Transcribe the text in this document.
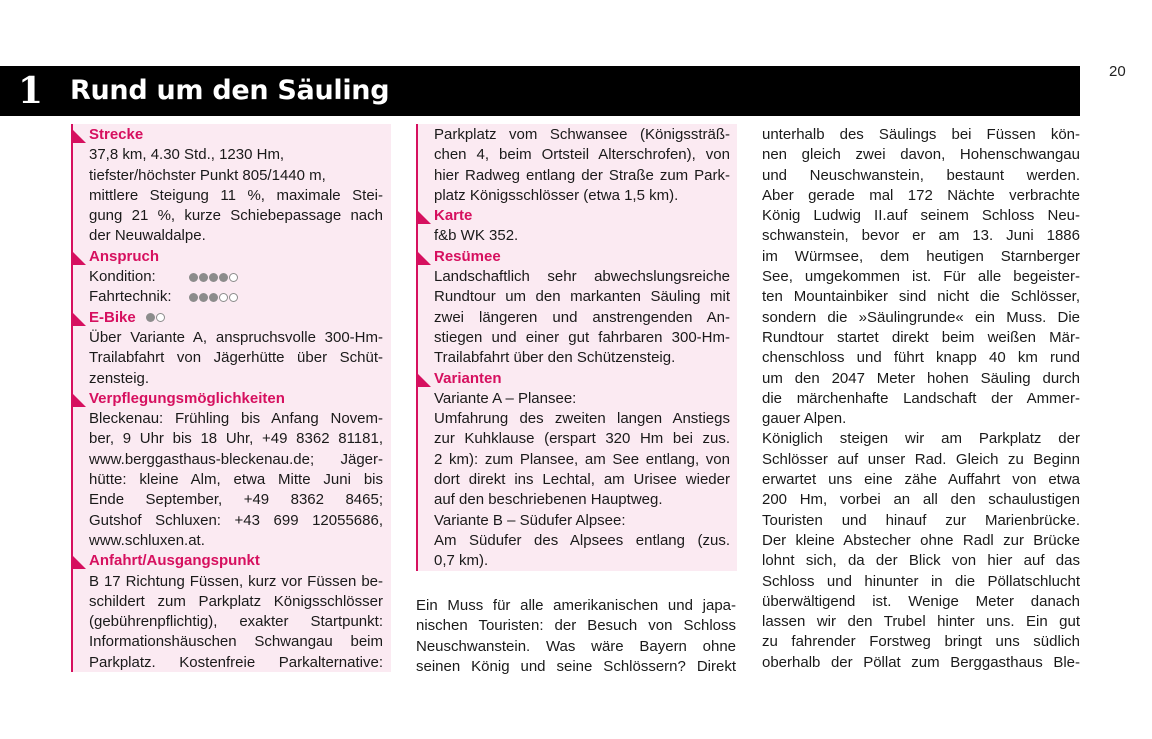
1 Rund um den Säuling
20
Strecke
37,8 km, 4.30 Std., 1230 Hm,
tiefster/höchster Punkt 805/1440 m,
mittlere Steigung 11 %, maximale Stei-
gung 21 %, kurze Schiebepassage nach
der Neuwaldalpe.
Anspruch
Kondition:
Fahrtechnik:
E-Bike
Über Variante A, anspruchsvolle 300-Hm-
Trailabfahrt von Jägerhütte über Schüt-
zensteig.
Verpflegungsmöglichkeiten
Bleckenau: Frühling bis Anfang Novem-
ber, 9 Uhr bis 18 Uhr, +49 8362 81181,
www.berggasthaus-bleckenau.de; Jäger-
hütte: kleine Alm, etwa Mitte Juni bis
Ende September, +49 8362 8465;
Gutshof Schluxen: +43 699 12055686,
www.schluxen.at.
Anfahrt/Ausgangspunkt
B 17 Richtung Füssen, kurz vor Füssen be-
schildert zum Parkplatz Königsschlösser
(gebührenpflichtig), exakter Startpunkt:
Informationshäuschen Schwangau beim
Parkplatz. Kostenfreie Parkalternative:
Parkplatz vom Schwansee (Königssträß-
chen 4, beim Ortsteil Alterschrofen), von
hier Radweg entlang der Straße zum Park-
platz Königsschlösser (etwa 1,5 km).
Karte
f&b WK 352.
Resümee
Landschaftlich sehr abwechslungsreiche
Rundtour um den markanten Säuling mit
zwei längeren und anstrengenden An-
stiegen und einer gut fahrbaren 300-Hm-
Trailabfahrt über den Schützensteig.
Varianten
Variante A – Plansee:
Umfahrung des zweiten langen Anstiegs
zur Kuhklause (erspart 320 Hm bei zus.
2 km): zum Plansee, am See entlang, von
dort direkt ins Lechtal, am Urisee wieder
auf den beschriebenen Hauptweg.
Variante B – Südufer Alpsee:
Am Südufer des Alpsees entlang (zus.
0,7 km).
Ein Muss für alle amerikanischen und japa-
nischen Touristen: der Besuch von Schloss
Neuschwanstein. Was wäre Bayern ohne
seinen König und seine Schlössern? Direkt
unterhalb des Säulings bei Füssen kön-
nen gleich zwei davon, Hohenschwangau
und Neuschwanstein, bestaunt werden.
Aber gerade mal 172 Nächte verbrachte
König Ludwig II.auf seinem Schloss Neu-
schwanstein, bevor er am 13. Juni 1886
im Würmsee, dem heutigen Starnberger
See, umgekommen ist. Für alle begeister-
ten Mountainbiker sind nicht die Schlösser,
sondern die »Säulingrunde« ein Muss. Die
Rundtour startet direkt beim weißen Mär-
chenschloss und führt knapp 40 km rund
um den 2047 Meter hohen Säuling durch
die märchenhafte Landschaft der Ammer-
gauer Alpen.
Königlich steigen wir am Parkplatz der
Schlösser auf unser Rad. Gleich zu Beginn
erwartet uns eine zähe Auffahrt von etwa
200 Hm, vorbei an all den schaulustigen
Touristen und hinauf zur Marienbrücke.
Der kleine Abstecher ohne Radl zur Brücke
lohnt sich, da der Blick von hier auf das
Schloss und hinunter in die Pöllatschlucht
überwältigend ist. Wenige Meter danach
lassen wir den Trubel hinter uns. Ein gut
zu fahrender Forstweg bringt uns südlich
oberhalb der Pöllat zum Berggasthaus Ble-
